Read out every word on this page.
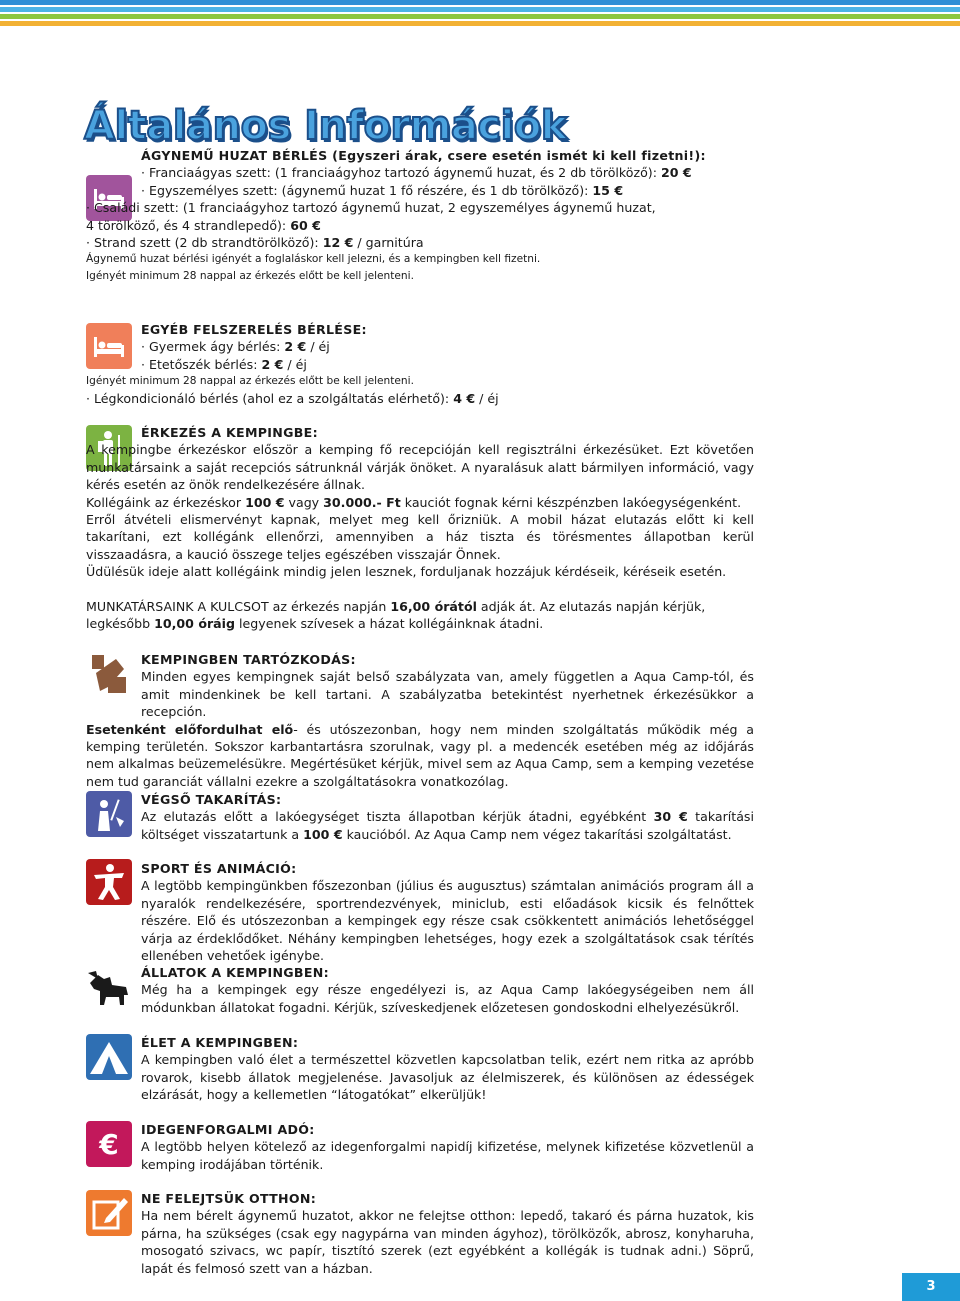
Általános Információk

ÁGYNEMŰ HUZAT BÉRLÉS (Egyszeri árak, csere esetén ismét ki kell fizetni!):

· Franciaágyas szett: (1 franciaágyhoz tartozó ágynemű huzat, és 2 db törölköző): 20 €

· Egyszemélyes szett: (ágynemű huzat 1 fő részére, és 1 db törölköző): 15 €

· Családi szett: (1 franciaágyhoz tartozó ágynemű huzat, 2 egyszemélyes ágynemű huzat,

4 törölköző, és 4 strandlepedő): 60 €

· Strand szett (2 db strandtörölköző): 12 € / garnitúra

Ágynemű huzat bérlési igényét a foglaláskor kell jelezni, és a kempingben kell fizetni.

Igényét minimum 28 nappal az érkezés előtt be kell jelenteni.

EGYÉB FELSZERELÉS BÉRLÉSE:

· Gyermek ágy bérlés: 2 € / éj

· Etetőszék bérlés: 2 € / éj

Igényét minimum 28 nappal az érkezés előtt be kell jelenteni.

· Légkondicionáló bérlés (ahol ez a szolgáltatás elérhető): 4 € / éj

ÉRKEZÉS A KEMPINGBE:

A kempingbe érkezéskor először a kemping fő recepcióján kell regisztrálni érkezésüket. Ezt követően munkatársaink a saját recepciós sátrunknál várják önöket. A nyaralásuk alatt bármilyen információ, vagy kérés esetén az önök rendelkezésére állnak.

Kollégáink az érkezéskor 100 € vagy 30.000.- Ft kauciót fognak kérni készpénzben lakóegységenként.

Erről átvételi elismervényt kapnak, melyet meg kell őrizniük. A mobil házat elutazás előtt ki kell takarítani, ezt kollégánk ellenőrzi, amennyiben a ház tiszta és törésmentes állapotban kerül visszaadásra, a kaució összege teljes egészében visszajár Önnek.

Üdülésük ideje alatt kollégáink mindig jelen lesznek, forduljanak hozzájuk kérdéseik, kéréseik esetén.

MUNKATÁRSAINK A KULCSOT az érkezés napján 16,00 órától adják át. Az elutazás napján kérjük, legkésőbb 10,00 óráig legyenek szívesek a házat kollégáinknak átadni.

KEMPINGBEN TARTÓZKODÁS:

Minden egyes kempingnek saját belső szabályzata van, amely független a Aqua Camp-tól, és amit mindenkinek be kell tartani. A szabályzatba betekintést nyerhetnek érkezésükkor a recepción.

Esetenként előfordulhat elő- és utószezonban, hogy nem minden szolgáltatás működik még a kemping területén. Sokszor karbantartásra szorulnak, vagy pl. a medencék esetében még az időjárás nem alkalmas beüzemelésükre. Megértésüket kérjük, mivel sem az Aqua Camp, sem a kemping vezetése nem tud garanciát vállalni ezekre a szolgáltatásokra vonatkozólag.

VÉGSŐ TAKARÍTÁS:

Az elutazás előtt a lakóegységet tiszta állapotban kérjük átadni, egyébként 30 € takarítási költséget visszatartunk a 100 € kaucióból. Az Aqua Camp nem végez takarítási szolgáltatást.

SPORT ÉS ANIMÁCIÓ:

A legtöbb kempingünkben főszezonban (július és augusztus) számtalan animációs program áll a nyaralók rendelkezésére, sportrendezvények, miniclub, esti előadások kicsik és felnőttek részére. Elő és utószezonban a kempingek egy része csak csökkentett animációs lehetőséggel várja az érdeklődőket. Néhány kempingben lehetséges, hogy ezek a szolgáltatások csak térítés ellenében vehetőek igénybe.

ÁLLATOK A KEMPINGBEN:

Még ha a kempingek egy része engedélyezi is, az Aqua Camp lakóegységeiben nem áll módunkban állatokat fogadni. Kérjük, szíveskedjenek előzetesen gondoskodni elhelyezésükről.

ÉLET A KEMPINGBEN:

A kempingben való élet a természettel közvetlen kapcsolatban telik, ezért nem ritka az apróbb rovarok, kisebb állatok megjelenése. Javasoljuk az élelmiszerek, és különösen az édességek elzárását, hogy a kellemetlen “látogatókat” elkerüljük!

€	IDEGENFORGALMI ADÓ:

A legtöbb helyen kötelező az idegenforgalmi napidíj kifizetése, melynek kifizetése közvetlenül a kemping irodájában történik.

NE FELEJTSÜK OTTHON:

Ha nem bérelt ágynemű huzatot, akkor ne felejtse otthon: lepedő, takaró és párna huzatok, kis párna, ha szükséges (csak egy nagypárna van minden ágyhoz), törölközők, abrosz, konyharuha, mosogató szivacs, wc papír, tisztító szerek (ezt egyébként a kollégák is tudnak adni.) Söprű, lapát és felmosó szett van a házban.

3
